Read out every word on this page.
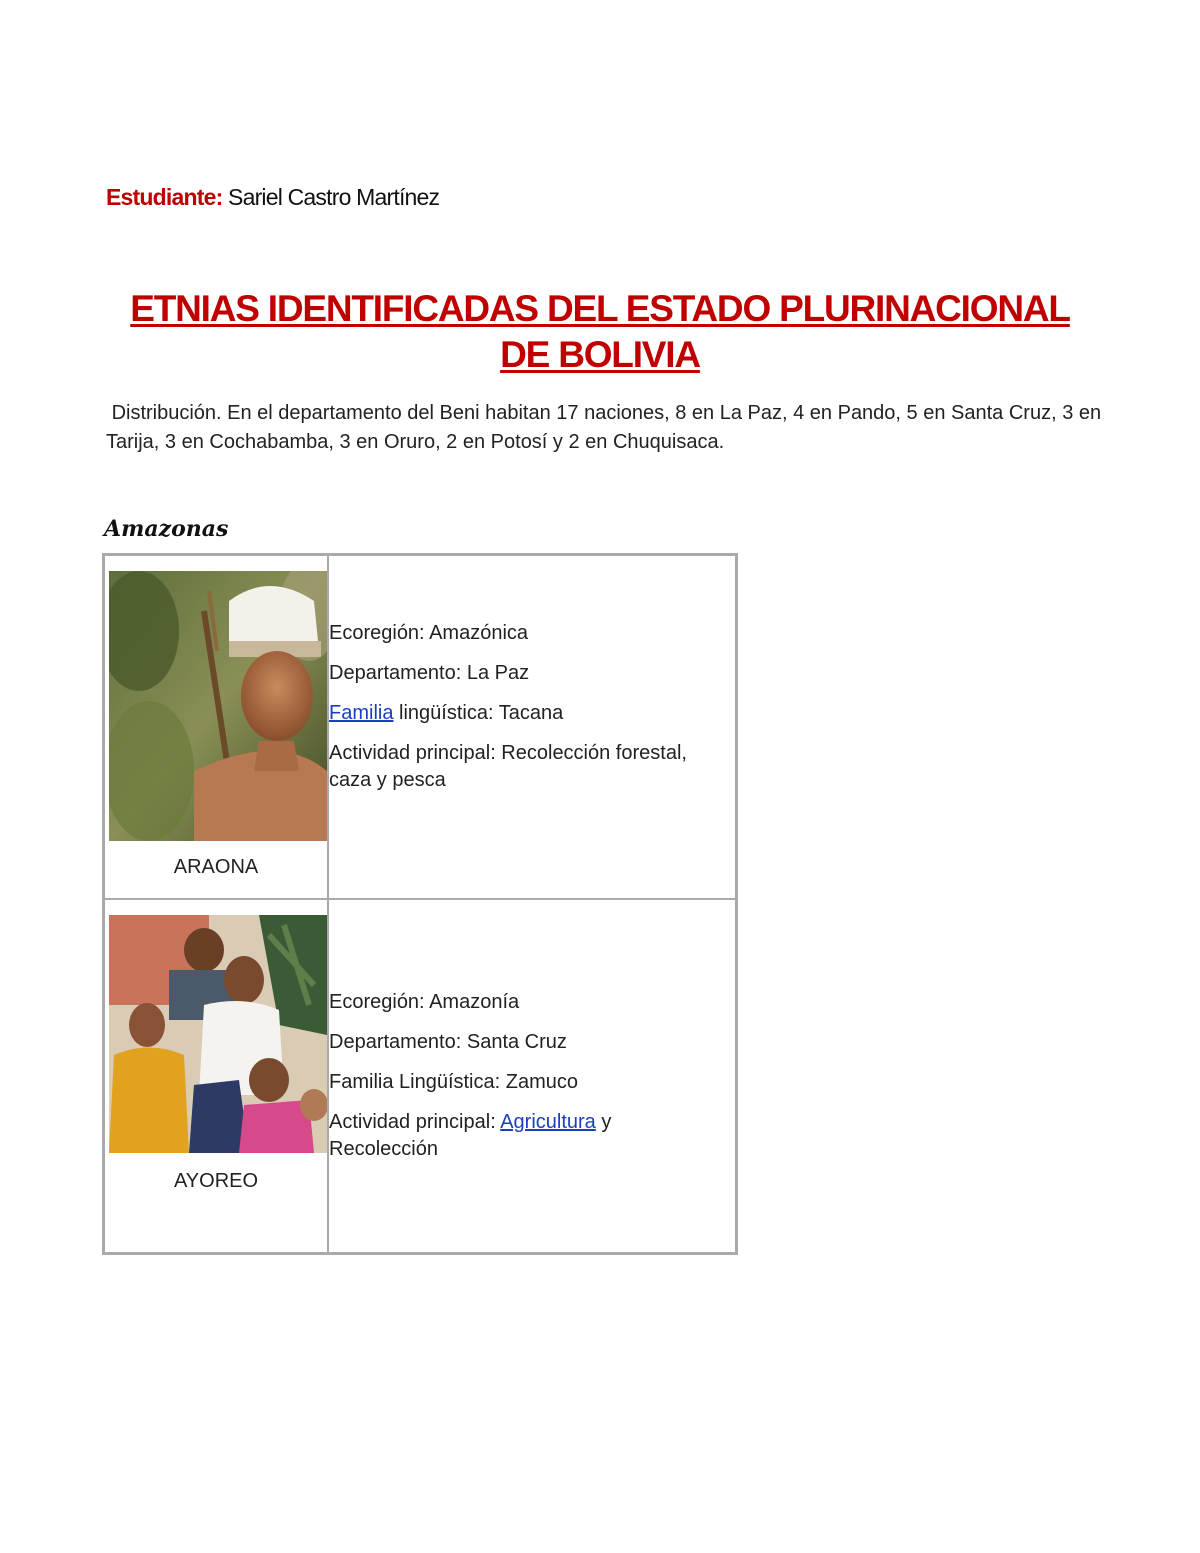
Estudiante: Sariel Castro Martínez
ETNIAS IDENTIFICADAS DEL ESTADO PLURINACIONAL
DE BOLIVIA
Distribución. En el departamento del Beni habitan 17 naciones, 8 en La Paz, 4 en Pando, 5 en Santa Cruz, 3 en Tarija, 3 en Cochabamba, 3 en Oruro, 2 en Potosí y 2 en Chuquisaca.
Amazonas
ARAONA	Ecoregión: Amazónica

Departamento: La Paz

Familia lingüística: Tacana

Actividad principal: Recolección forestal, caza y pesca

AYOREO	Ecoregión: Amazonía

Departamento: Santa Cruz

Familia Lingüística: Zamuco

Actividad principal: Agricultura y Recolección
